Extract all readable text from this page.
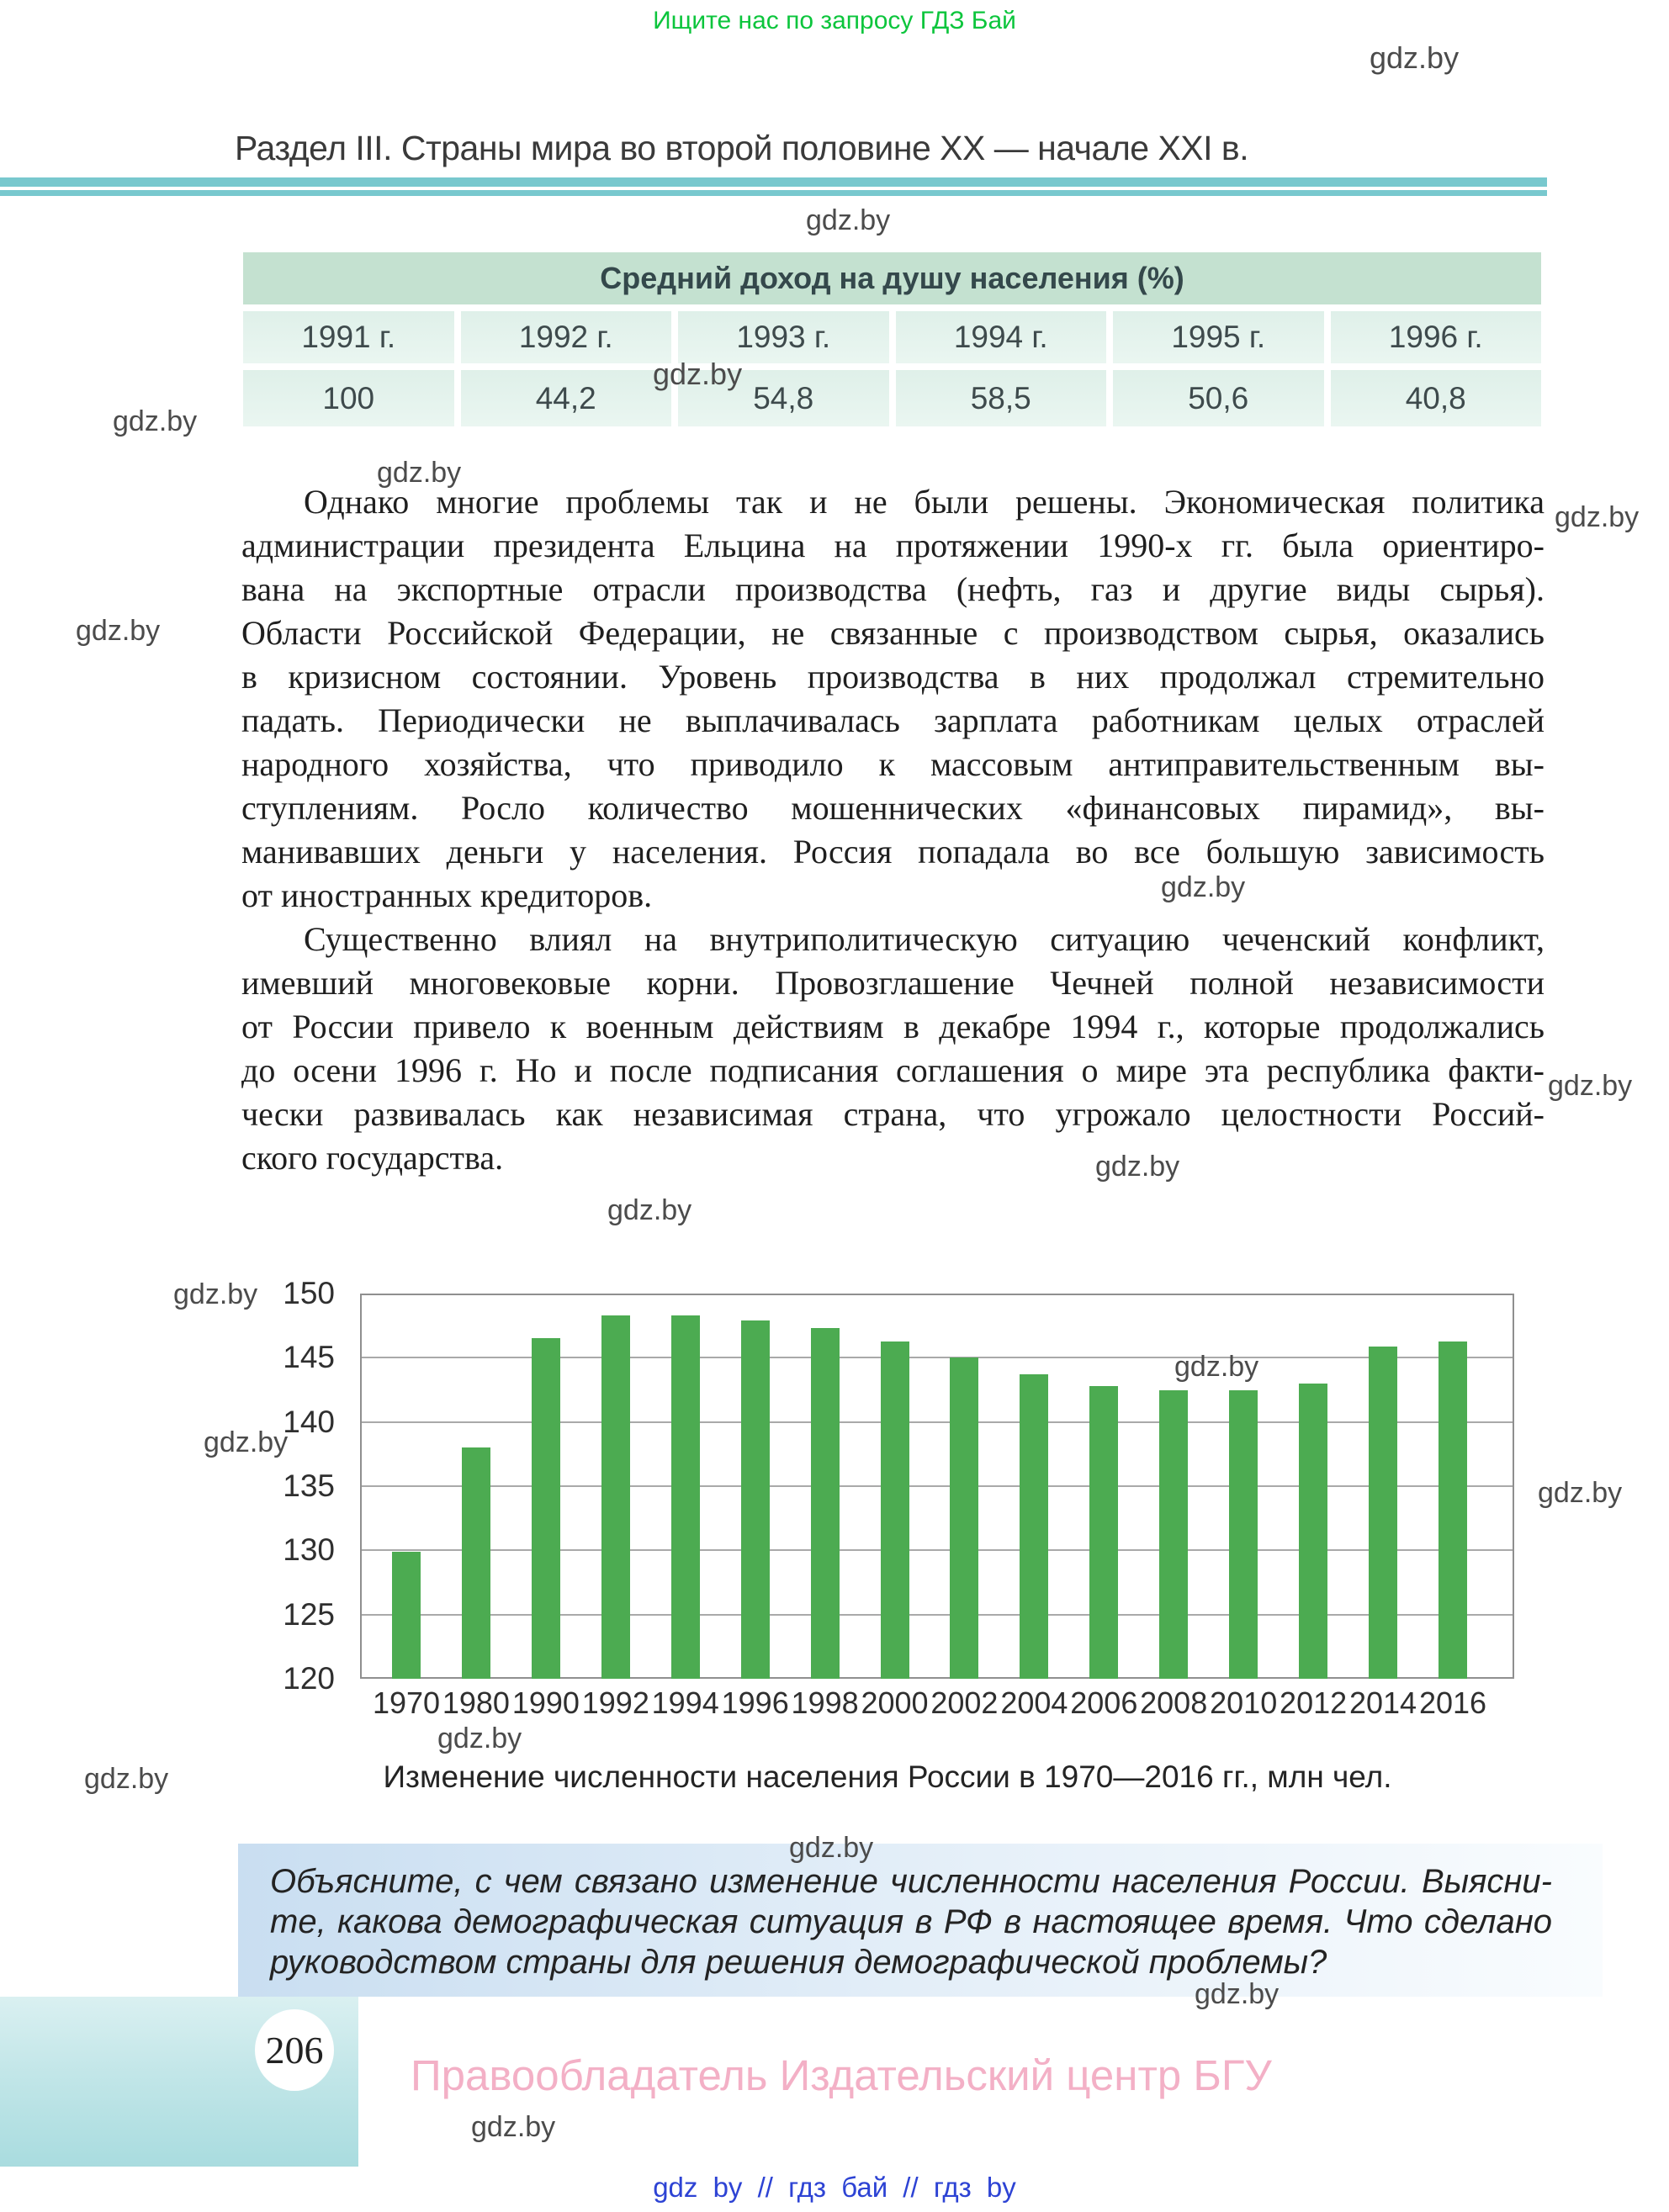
Ищите нас по запросу ГДЗ Бай
Раздел III. Страны мира во второй половине XX — начале XXI в.
Средний доход на душу населения (%)
1991 г.	1992 г.	1993 г.	1994 г.	1995 г.	1996 г.
100	44,2	54,8	58,5	50,6	40,8
Однако многие проблемы так и не были решены. Экономическая политика
администрации президента Ельцина на протяжении 1990-х гг. была ориентиро-
вана на экспортные отрасли производства (нефть, газ и другие виды сырья).
Области Российской Федерации, не связанные с производством сырья, оказались
в кризисном состоянии. Уровень производства в них продолжал стремительно
падать. Периодически не выплачивалась зарплата работникам целых отраслей
народного хозяйства, что приводило к массовым антиправительственным вы-
ступлениям. Росло количество мошеннических «финансовых пирамид», вы-
манивавших деньги у населения. Россия попадала во все большую зависимость
от иностранных кредиторов.
Существенно влиял на внутриполитическую ситуацию чеченский конфликт,
имевший многовековые корни. Провозглашение Чечней полной независимости
от России привело к военным действиям в декабре 1994 г., которые продолжались
до осени 1996 г. Но и после подписания соглашения о мире эта республика факти-
чески развивалась как независимая страна, что угрожало целостности Россий-
ского государства.
120
125
130
135
140
145
150
1970 1980 1990 1992 1994 1996 1998 2000 2002 2004 2006 2008 2010 2012 2014 2016
Изменение численности населения России в 1970—2016 гг., млн чел.
Объясните, с чем связано изменение численности населения России. Выясни-
те, какова демографическая ситуация в РФ в настоящее время. Что сделано
руководством страны для решения демографической проблемы?
206
Правообладатель Издательский центр БГУ
gdz by // гдз бай // гдз by
gdz.by
gdz.by
gdz.by
gdz.by
gdz.by
gdz.by
gdz.by
gdz.by
gdz.by
gdz.by
gdz.by
gdz.by
gdz.by
gdz.by
gdz.by
gdz.by
gdz.by
gdz.by
gdz.by
gdz.by
